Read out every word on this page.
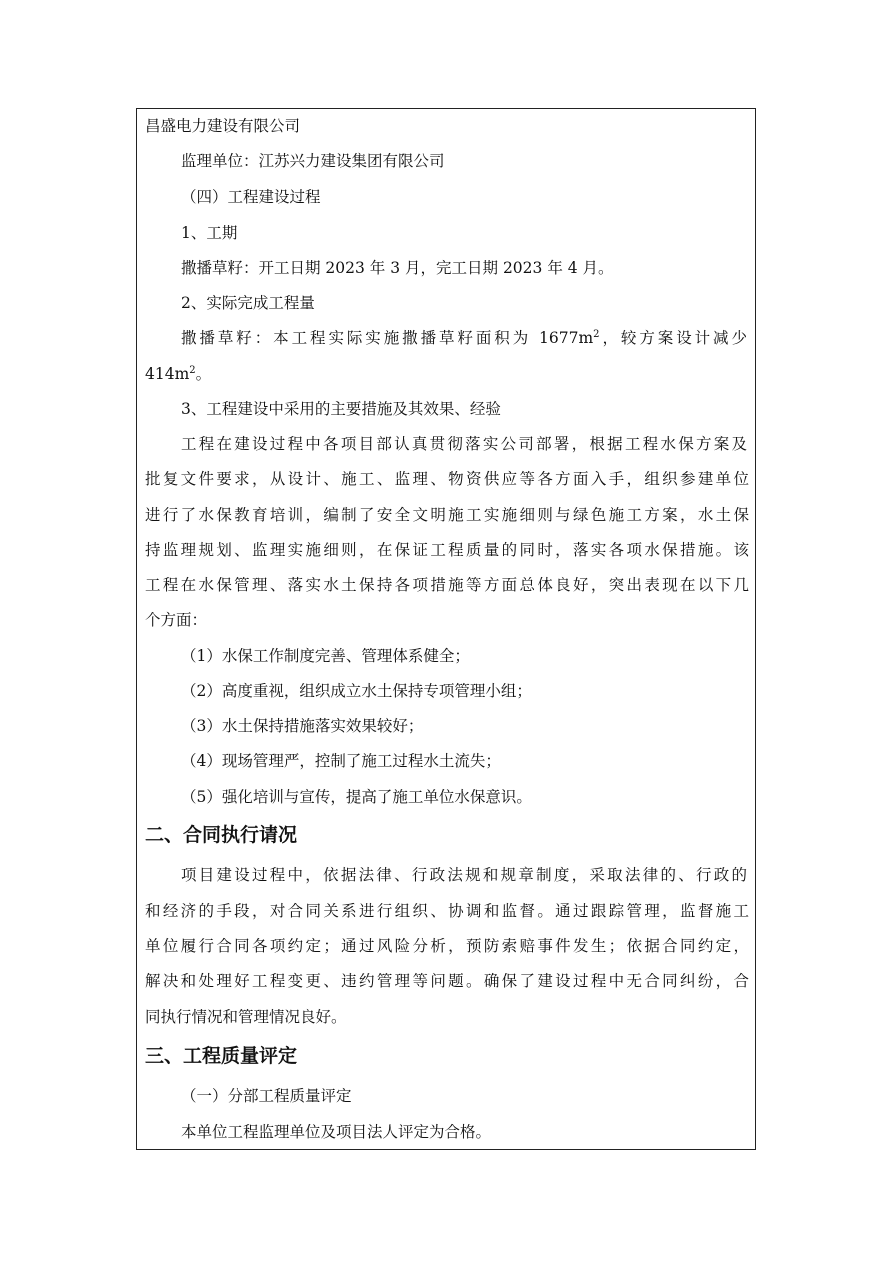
昌盛电力建设有限公司
监理单位：江苏兴力建设集团有限公司
（四）工程建设过程
1、工期
撒播草籽：开工日期 2023 年 3 月，完工日期 2023 年 4 月。
2、实际完成工程量
撒播草籽：本工程实际实施撒播草籽面积为 $1677m^2$，较方案设计减少
$414m^2$。
3、工程建设中采用的主要措施及其效果、经验
工程在建设过程中各项目部认真贯彻落实公司部署，根据工程水保方案及
批复文件要求，从设计、施工、监理、物资供应等各方面入手，组织参建单位
进行了水保教育培训，编制了安全文明施工实施细则与绿色施工方案，水土保
持监理规划、监理实施细则，在保证工程质量的同时，落实各项水保措施。该
工程在水保管理、落实水土保持各项措施等方面总体良好，突出表现在以下几
个方面：
（1）水保工作制度完善、管理体系健全；
（2）高度重视，组织成立水土保持专项管理小组；
（3）水土保持措施落实效果较好；
（4）现场管理严，控制了施工过程水土流失；
（5）强化培训与宣传，提高了施工单位水保意识。
二、合同执行请况
项目建设过程中，依据法律、行政法规和规章制度，采取法律的、行政的
和经济的手段，对合同关系进行组织、协调和监督。通过跟踪管理，监督施工
单位履行合同各项约定；通过风险分析，预防索赔事件发生；依据合同约定，
解决和处理好工程变更、违约管理等问题。确保了建设过程中无合同纠纷，合
同执行情况和管理情况良好。
三、工程质量评定
（一）分部工程质量评定
本单位工程监理单位及项目法人评定为合格。
